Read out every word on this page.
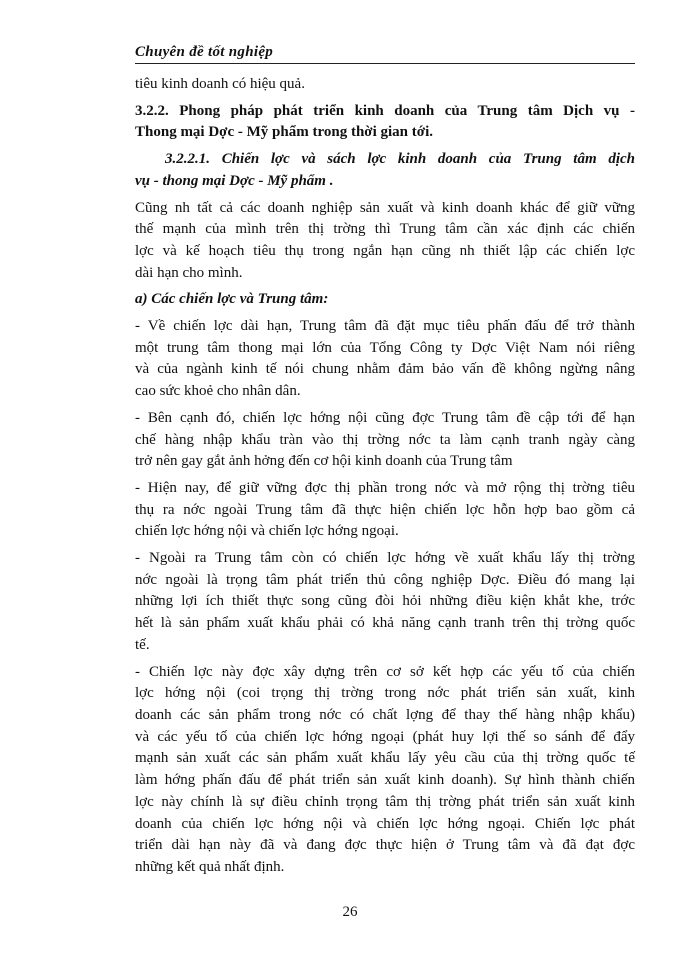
Chuyên đề tốt nghiệp

tiêu kinh doanh có hiệu quả.

3.2.2. Phong pháp phát triển kinh doanh của Trung tâm Dịch vụ -

Thong mại Dợc - Mỹ phẩm trong thời gian tới.

3.2.2.1. Chiến lợc và sách lợc kinh doanh của Trung tâm dịch

vụ - thong mại Dợc - Mỹ phẩm .

Cũng nh tất cả các doanh nghiệp sản xuất và kinh doanh khác để giữ vững

thế mạnh của mình trên thị trờng thì Trung tâm cần xác định các chiến

lợc và kế hoạch tiêu thụ trong ngắn hạn cũng nh thiết lập các chiến lợc

dài hạn cho mình.

a) Các chiến lợc và Trung tâm:

- Về chiến lợc dài hạn, Trung tâm đã đặt mục tiêu phấn đấu để trở thành

một trung tâm thong mại lớn của Tổng Công ty Dợc Việt Nam nói riêng

và của ngành kinh tế nói chung nhằm đảm bảo vấn đề không ngừng nâng

cao sức khoẻ cho nhân dân.

- Bên cạnh đó, chiến lợc hớng nội cũng đợc Trung tâm đề cập tới để hạn

chế hàng nhập khẩu tràn vào thị trờng nớc ta làm cạnh tranh ngày càng

trở nên gay gắt ảnh hởng đến cơ hội kinh doanh của Trung tâm

- Hiện nay, để giữ vững đợc thị phần trong nớc và mở rộng thị trờng tiêu

thụ ra nớc ngoài Trung tâm đã thực hiện chiến lợc hỗn hợp bao gồm cả

chiến lợc hớng nội và chiến lợc hớng ngoại.

- Ngoài ra Trung tâm còn có chiến lợc hớng về xuất khẩu lấy thị trờng

nớc ngoài là trọng tâm phát triển thủ công nghiệp Dợc. Điều đó mang lại

những lợi ích thiết thực song cũng đòi hỏi những điều kiện khắt khe, trớc

hết là sản phẩm xuất khẩu phải có khả năng cạnh tranh trên thị trờng quốc

tế.

- Chiến lợc này đợc xây dựng trên cơ sở kết hợp các yếu tố của chiến

lợc hớng nội (coi trọng thị trờng trong nớc phát triển sản xuất, kinh

doanh các sản phẩm trong nớc có chất lợng để thay thế hàng nhập khẩu)

và các yếu tố của chiến lợc hớng ngoại (phát huy lợi thế so sánh để đẩy

mạnh sản xuất các sản phẩm xuất khẩu lấy yêu cầu của thị trờng quốc tế

làm hớng phấn đấu để phát triển sản xuất kinh doanh). Sự hình thành chiến

lợc này chính là sự điều chỉnh trọng tâm thị trờng phát triển sản xuất kinh

doanh của chiến lợc hớng nội và chiến lợc hớng ngoại. Chiến lợc phát

triển dài hạn này đã và đang đợc thực hiện ở Trung tâm và đã đạt đợc

những kết quả nhất định.

26
